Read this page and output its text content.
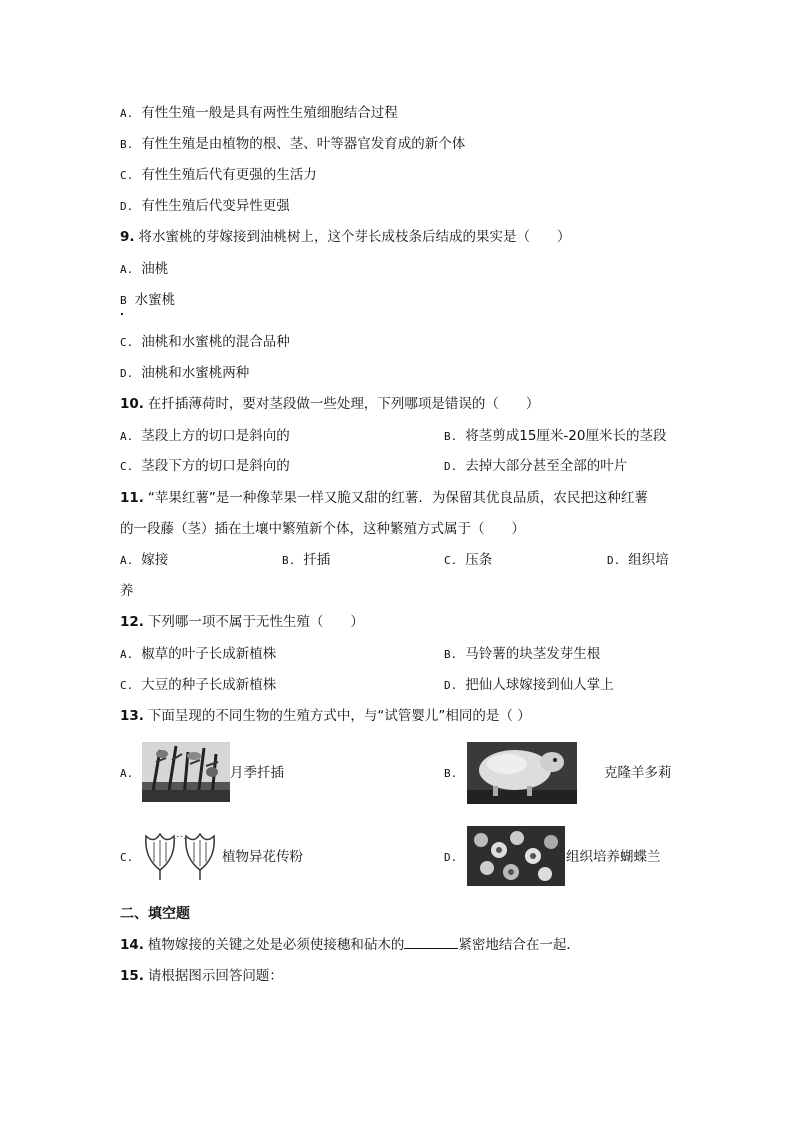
A. 有性生殖一般是具有两性生殖细胞结合过程
B. 有性生殖是由植物的根、茎、叶等器官发育成的新个体
C. 有性生殖后代有更强的生活力
D. 有性生殖后代变异性更强
9. 将水蜜桃的芽嫁接到油桃树上，这个芽长成枝条后结成的果实是（　　）
A. 油桃
B 水蜜桃
C. 油桃和水蜜桃的混合品种
D. 油桃和水蜜桃两种
10. 在扦插薄荷时，要对茎段做一些处理，下列哪项是错误的（　　）
A. 茎段上方的切口是斜向的	B. 将茎剪成15厘米-20厘米长的茎段
C. 茎段下方的切口是斜向的	D. 去掉大部分甚至全部的叶片
11. “苹果红薯”是一种像苹果一样又脆又甜的红薯．为保留其优良品质，农民把这种红薯
的一段藤（茎）插在土壤中繁殖新个体，这种繁殖方式属于（　　）
A. 嫁接	B. 扦插	C. 压条	D. 组织培
养
12. 下列哪一项不属于无性生殖（　　）
A. 椒草的叶子长成新植株	B. 马铃薯的块茎发芽生根
C. 大豆的种子长成新植株	D. 把仙人球嫁接到仙人掌上
13. 下面呈现的不同生物的生殖方式中，与“试管婴儿”相同的是（ ）
A.	月季扦插	B.	克隆羊多莉
C.	植物异花传粉	D.	组织培养蝴蝶兰
二、填空题
14. 植物嫁接的关键之处是必须使接穗和砧木的	紧密地结合在一起．
15. 请根据图示回答问题：
